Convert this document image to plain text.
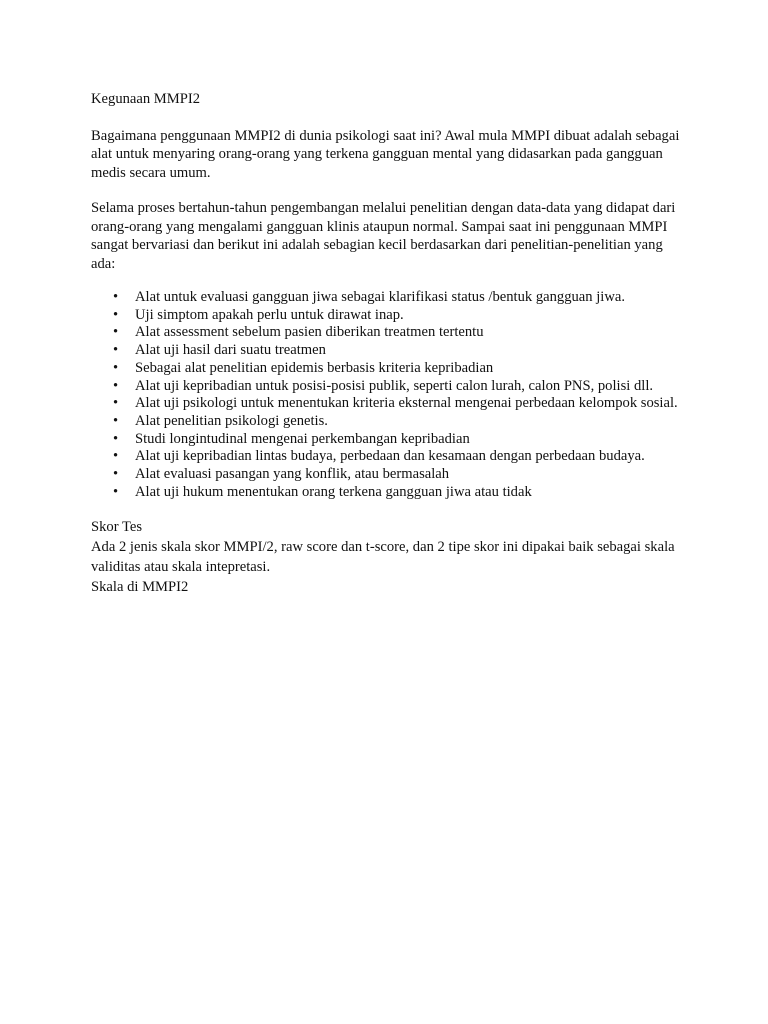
Kegunaan MMPI2

Bagaimana penggunaan MMPI2 di dunia psikologi saat ini? Awal mula MMPI dibuat adalah sebagai alat untuk menyaring orang-orang yang terkena gangguan mental yang didasarkan pada gangguan medis secara umum.

Selama proses bertahun-tahun pengembangan melalui penelitian dengan data-data yang didapat dari orang-orang yang mengalami gangguan klinis ataupun normal. Sampai saat ini penggunaan MMPI sangat bervariasi dan berikut ini adalah sebagian kecil berdasarkan dari penelitian-penelitian yang ada:

• Alat untuk evaluasi gangguan jiwa sebagai klarifikasi status /bentuk gangguan jiwa.
• Uji simptom apakah perlu untuk dirawat inap.
• Alat assessment sebelum pasien diberikan treatmen tertentu
• Alat uji hasil dari suatu treatmen
• Sebagai alat penelitian epidemis berbasis kriteria kepribadian
• Alat uji kepribadian untuk posisi-posisi publik, seperti calon lurah, calon PNS, polisi dll.
• Alat uji psikologi untuk menentukan kriteria eksternal mengenai perbedaan kelompok sosial.
• Alat penelitian psikologi genetis.
• Studi longintudinal mengenai perkembangan kepribadian
• Alat uji kepribadian lintas budaya, perbedaan dan kesamaan dengan perbedaan budaya.
• Alat evaluasi pasangan yang konflik, atau bermasalah
• Alat uji hukum menentukan orang terkena gangguan jiwa atau tidak

Skor Tes

Ada 2 jenis skala skor MMPI/2, raw score dan t-score, dan 2 tipe skor ini dipakai baik sebagai skala validitas atau skala intepretasi.

Skala di MMPI2
